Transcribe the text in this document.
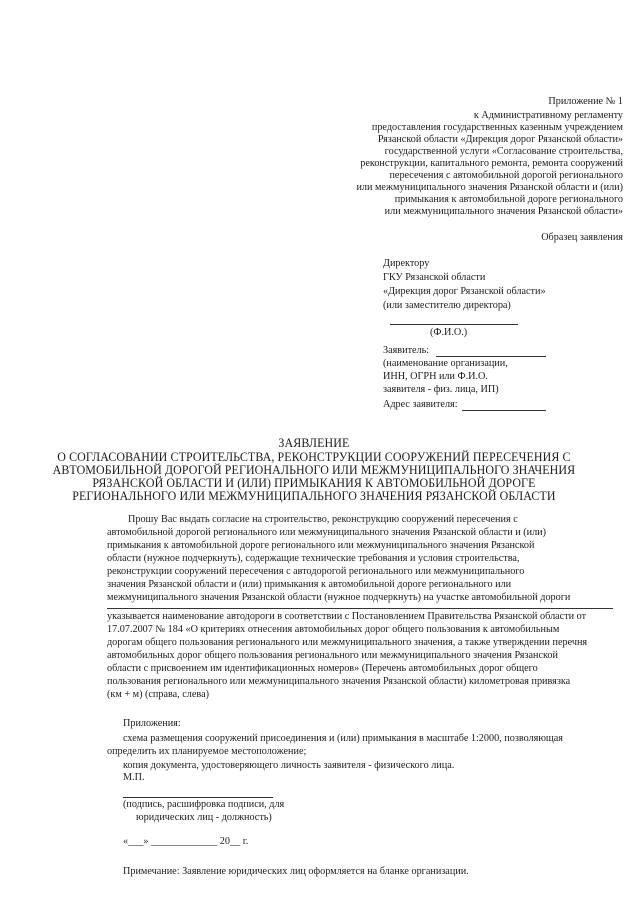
Приложение № 1
к Административному регламенту
предоставления государственных казенным учреждением
Рязанской области «Дирекция дорог Рязанской области»
государственной услуги «Согласование строительства,
реконструкции, капитального ремонта, ремонта сооружений
пересечения с автомобильной дорогой регионального
или межмуниципального значения Рязанской области и (или)
примыкания к автомобильной дороге регионального
или межмуниципального значения Рязанской области»
Образец заявления
Директору
ГКУ Рязанской области
«Дирекция дорог Рязанской области»
(или заместителю директора)
(Ф.И.О.)
Заявитель:
(наименование организации,
ИНН, ОГРН или Ф.И.О.
заявителя - физ. лица, ИП)
Адрес заявителя:
ЗАЯВЛЕНИЕ
О СОГЛАСОВАНИИ СТРОИТЕЛЬСТВА, РЕКОНСТРУКЦИИ СООРУЖЕНИЙ ПЕРЕСЕЧЕНИЯ С
АВТОМОБИЛЬНОЙ ДОРОГОЙ РЕГИОНАЛЬНОГО ИЛИ МЕЖМУНИЦИПАЛЬНОГО ЗНАЧЕНИЯ
РЯЗАНСКОЙ ОБЛАСТИ И (ИЛИ) ПРИМЫКАНИЯ К АВТОМОБИЛЬНОЙ ДОРОГЕ
РЕГИОНАЛЬНОГО ИЛИ МЕЖМУНИЦИПАЛЬНОГО ЗНАЧЕНИЯ РЯЗАНСКОЙ ОБЛАСТИ
Прошу Вас выдать согласие на строительство, реконструкцию сооружений пересечения с
автомобильной дорогой регионального или межмуниципального значения Рязанской области и (или)
примыкания к автомобильной дороге регионального или межмуниципального значения Рязанской
области (нужное подчеркнуть), содержащие технические требования и условия строительства,
реконструкции сооружений пересечения с автодорогой регионального или межмуниципального
значения Рязанской области и (или) примыкания к автомобильной дороге регионального или
межмуниципального значения Рязанской области (нужное подчеркнуть) на участке автомобильной дороги
указывается наименование автодороги в соответствии с Постановлением Правительства Рязанской области от
17.07.2007 № 184 «О критериях отнесения автомобильных дорог общего пользования к автомобильным
дорогам общего пользования регионального или межмуниципального значения, а также утверждении перечня
автомобильных дорог общего пользования регионального или межмуниципального значения Рязанской
области с присвоением им идентификационных номеров» (Перечень автомобильных дорог общего
пользования регионального или межмуниципального значения Рязанской области) километровая привязка
(км + м) (справа, слева)
Приложения:
схема размещения сооружений присоединения и (или) примыкания в масштабе 1:2000, позволяющая
определить их планируемое местоположение;
копия документа, удостоверяющего личность заявителя - физического лица.
М.П.
(подпись, расшифровка подписи, для
юридических лиц - должность)
«___» _____________ 20__ г.
Примечание: Заявление юридических лиц оформляется на бланке организации.
